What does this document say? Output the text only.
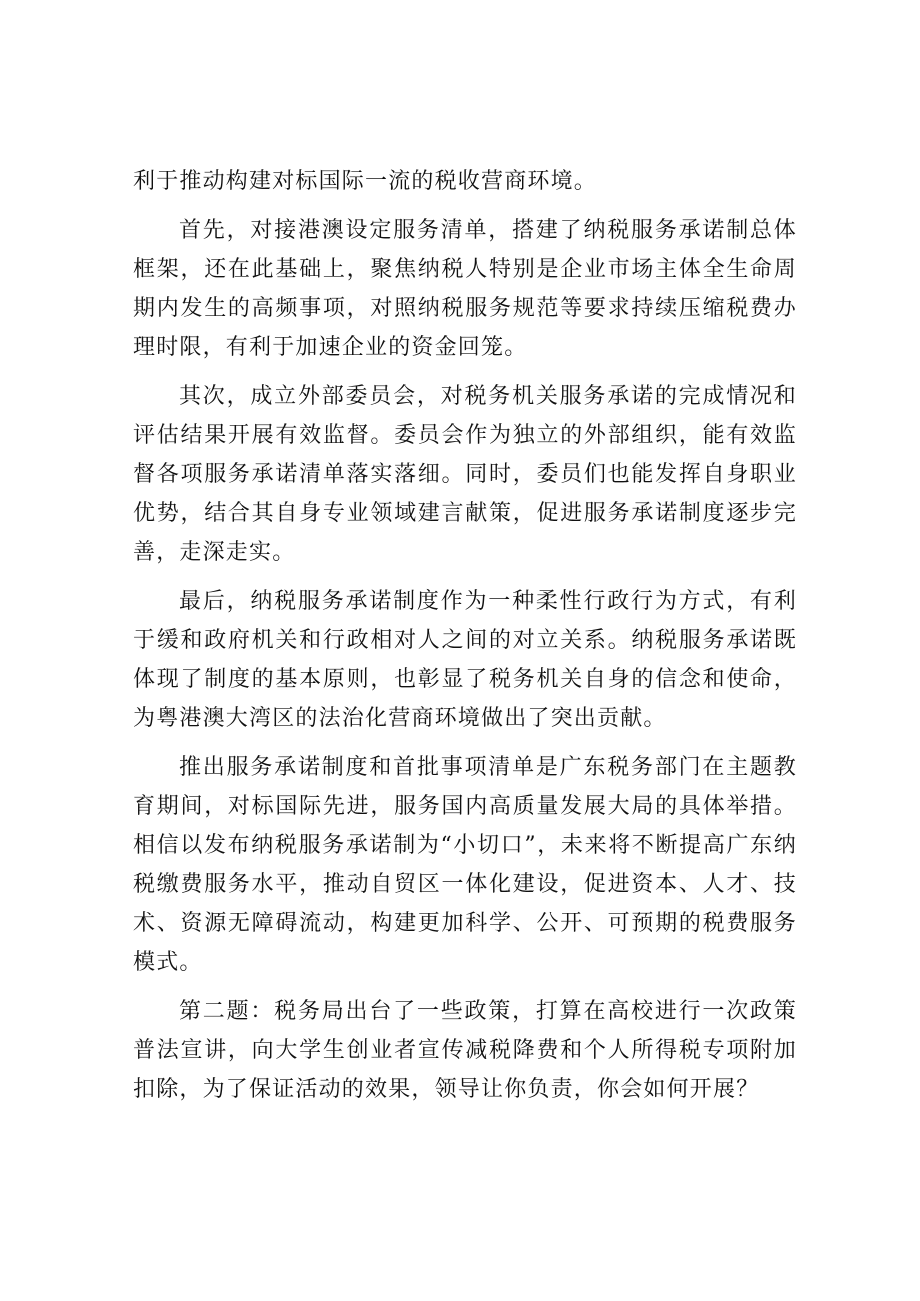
利于推动构建对标国际一流的税收营商环境。

首先，对接港澳设定服务清单，搭建了纳税服务承诺制总体框架，还在此基础上，聚焦纳税人特别是企业市场主体全生命周期内发生的高频事项，对照纳税服务规范等要求持续压缩税费办理时限，有利于加速企业的资金回笼。

其次，成立外部委员会，对税务机关服务承诺的完成情况和评估结果开展有效监督。委员会作为独立的外部组织，能有效监督各项服务承诺清单落实落细。同时，委员们也能发挥自身职业优势，结合其自身专业领域建言献策，促进服务承诺制度逐步完善，走深走实。

最后，纳税服务承诺制度作为一种柔性行政行为方式，有利于缓和政府机关和行政相对人之间的对立关系。纳税服务承诺既体现了制度的基本原则，也彰显了税务机关自身的信念和使命，为粤港澳大湾区的法治化营商环境做出了突出贡献。

推出服务承诺制度和首批事项清单是广东税务部门在主题教育期间，对标国际先进，服务国内高质量发展大局的具体举措。相信以发布纳税服务承诺制为“小切口”，未来将不断提高广东纳税缴费服务水平，推动自贸区一体化建设，促进资本、人才、技术、资源无障碍流动，构建更加科学、公开、可预期的税费服务模式。

第二题：税务局出台了一些政策，打算在高校进行一次政策普法宣讲，向大学生创业者宣传减税降费和个人所得税专项附加扣除，为了保证活动的效果，领导让你负责，你会如何开展？
